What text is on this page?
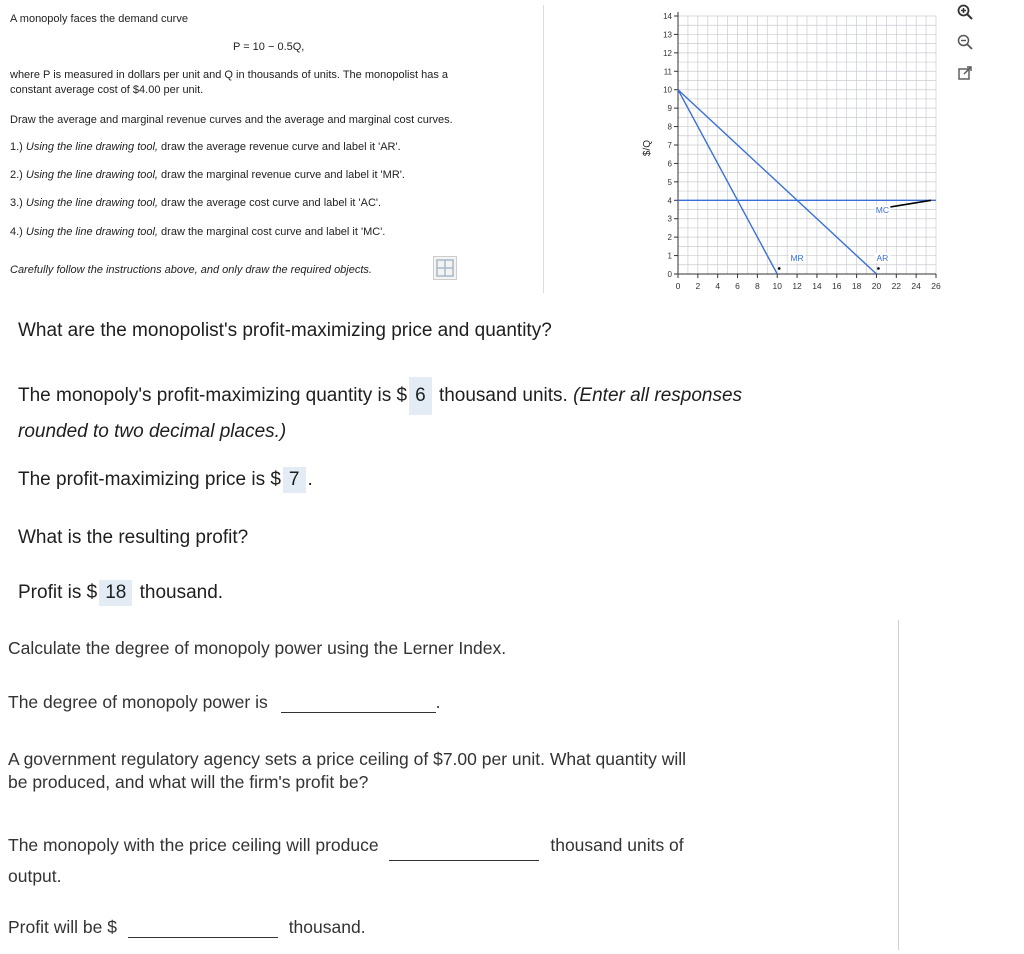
A monopoly faces the demand curve
P = 10 − 0.5Q,
where P is measured in dollars per unit and Q in thousands of units. The monopolist has a
constant average cost of $4.00 per unit.
Draw the average and marginal revenue curves and the average and marginal cost curves.
1.) Using the line drawing tool, draw the average revenue curve and label it 'AR'.
2.) Using the line drawing tool, draw the marginal revenue curve and label it 'MR'.
3.) Using the line drawing tool, draw the average cost curve and label it 'AC'.
4.) Using the line drawing tool, draw the marginal cost curve and label it 'MC'.
Carefully follow the instructions above, and only draw the required objects.	0
1
2
3
4
5
6
7
8
9
10
11
12
13
14
0 2 4 6 8 10 12 14 16 18 20 22 24 26
$/Q
MR	AR
MC
What are the monopolist's profit-maximizing price and quantity?
The monopoly's profit-maximizing quantity is $ 6 thousand units. (Enter all responses
rounded to two decimal places.)
The profit-maximizing price is $ 7 .
What is the resulting profit?
Profit is $ 18 thousand.
Calculate the degree of monopoly power using the Lerner Index.
The degree of monopoly power is	.
A government regulatory agency sets a price ceiling of $7.00 per unit. What quantity will
be produced, and what will the firm's profit be?
The monopoly with the price ceiling will produce	thousand units of
output.
Profit will be $	thousand.
